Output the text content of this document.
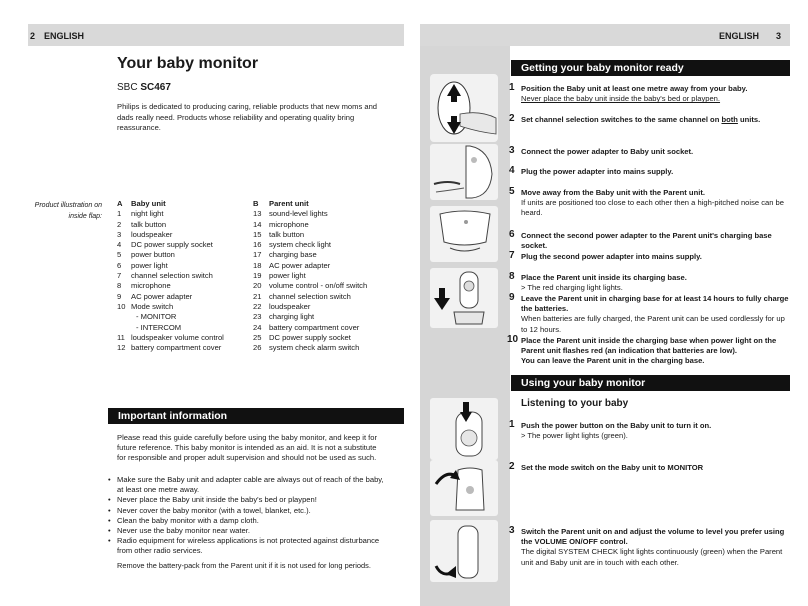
2 ENGLISH	ENGLISH 3
Your baby monitor
SBC SC467
Philips is dedicated to producing caring, reliable products that new moms and dads really need. Products whose reliability and operating quality bring reassurance.
Product illustration on inside flap:
A Baby unit
1 night light
2 talk button
3 loudspeaker
4 DC power supply socket
5 power button
6 power light
7 channel selection switch
8 microphone
9 AC power adapter
10 Mode switch
- MONITOR
- INTERCOM
11 loudspeaker volume control
12 battery compartment cover
B Parent unit
13 sound-level lights
14 microphone
15 talk button
16 system check light
17 charging base
18 AC power adapter
19 power light
20 volume control - on/off switch
21 channel selection switch
22 loudspeaker
23 charging light
24 battery compartment cover
25 DC power supply socket
26 system check alarm switch
Important information
Please read this guide carefully before using the baby monitor, and keep it for future reference. This baby monitor is intended as an aid. It is not a substitute for responsible and proper adult supervision and should not be used as such.
• Make sure the Baby unit and adapter cable are always out of reach of the baby, at least one metre away.
• Never place the Baby unit inside the baby's bed or playpen!
• Never cover the baby monitor (with a towel, blanket, etc.).
• Clean the baby monitor with a damp cloth.
• Never use the baby monitor near water.
• Radio equipment for wireless applications is not protected against disturbance from other radio services.
Remove the battery-pack from the Parent unit if it is not used for long periods.
Getting your baby monitor ready
1 Position the Baby unit at least one metre away from your baby.
Never place the baby unit inside the baby's bed or playpen.
2 Set channel selection switches to the same channel on both units.
3 Connect the power adapter to Baby unit socket.
4 Plug the power adapter into mains supply.
5 Move away from the Baby unit with the Parent unit.
If units are positioned too close to each other then a high-pitched noise can be heard.
6 Connect the second power adapter to the Parent unit's charging base socket.
7 Plug the second power adapter into mains supply.
8 Place the Parent unit inside its charging base.
> The red charging light lights.
9 Leave the Parent unit in charging base for at least 14 hours to fully charge the batteries.
When batteries are fully charged, the Parent unit can be used cordlessly for up to 12 hours.
10 Place the Parent unit inside the charging base when power light on the Parent unit flashes red (an indication that batteries are low).
You can leave the Parent unit in the charging base.
Using your baby monitor
Listening to your baby
1 Push the power button on the Baby unit to turn it on.
> The power light lights (green).
2 Set the mode switch on the Baby unit to MONITOR
3 Switch the Parent unit on and adjust the volume to level you prefer using the VOLUME ON/OFF control.
The digital SYSTEM CHECK light lights continuously (green) when the Parent unit and Baby unit are in touch with each other.
